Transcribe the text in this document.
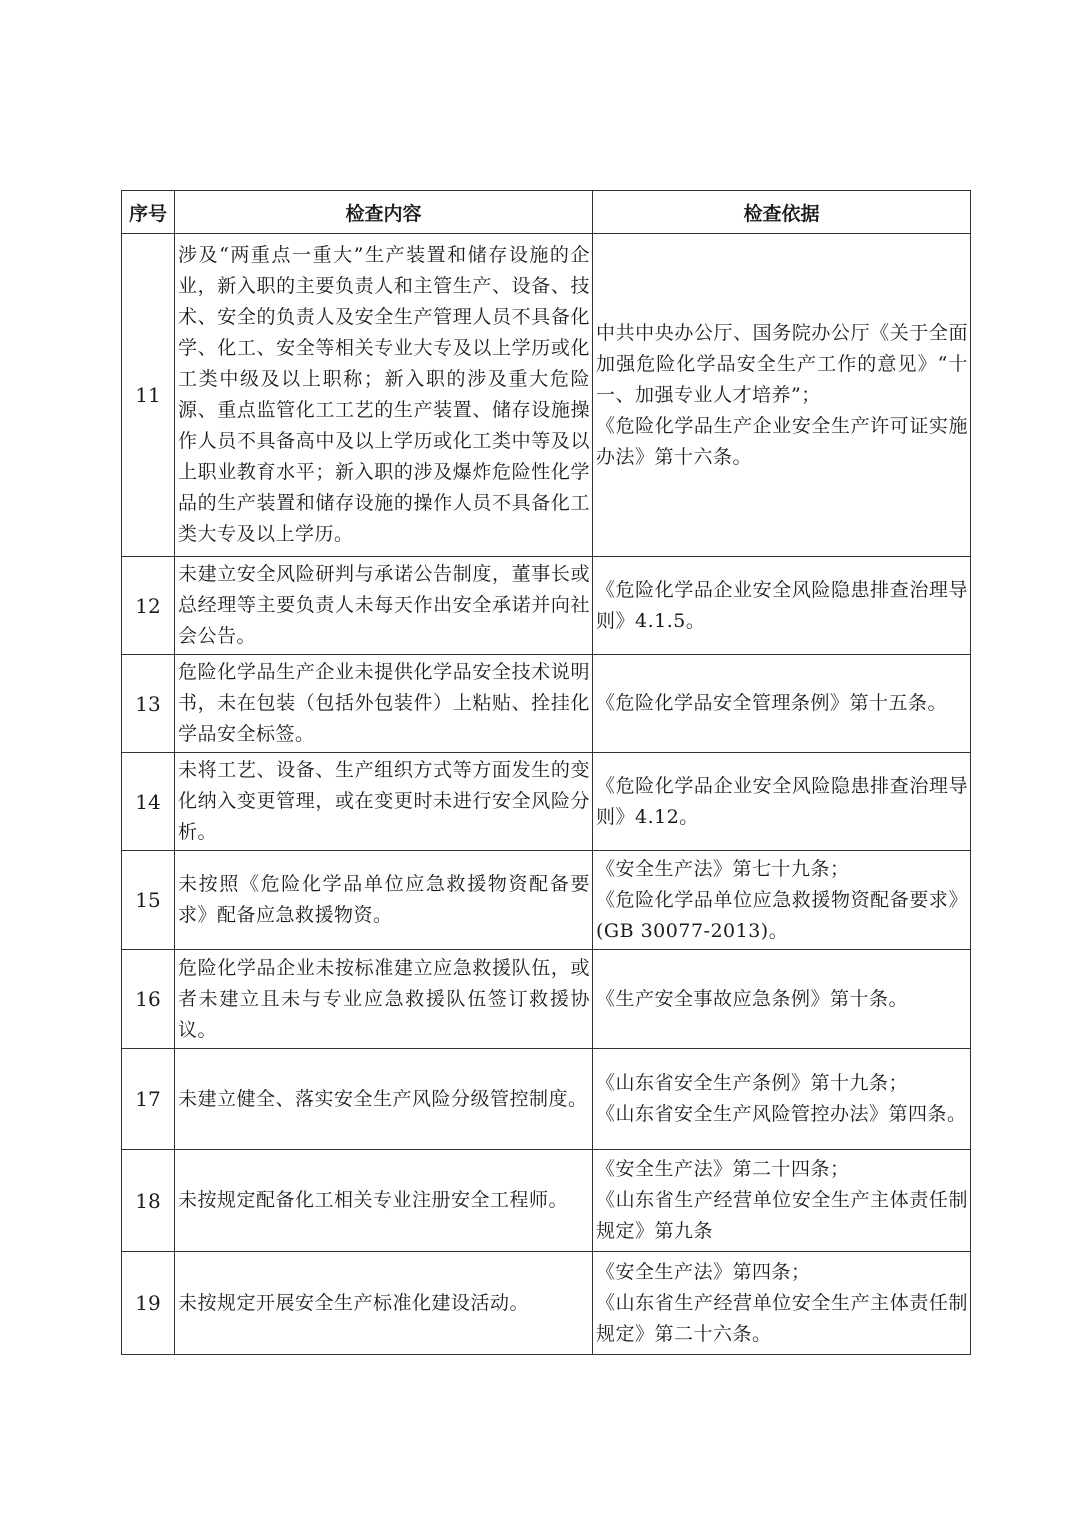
序号	检查内容	检查依据
11	涉及“两重点一重大”生产装置和储存设施的企业，新入职的主要负责人和主管生产、设备、技术、安全的负责人及安全生产管理人员不具备化学、化工、安全等相关专业大专及以上学历或化工类中级及以上职称；新入职的涉及重大危险源、重点监管化工工艺的生产装置、储存设施操作人员不具备高中及以上学历或化工类中等及以上职业教育水平；新入职的涉及爆炸危险性化学品的生产装置和储存设施的操作人员不具备化工类大专及以上学历。	中共中央办公厅、国务院办公厅《关于全面加强危险化学品安全生产工作的意见》“十一、加强专业人才培养”；
《危险化学品生产企业安全生产许可证实施办法》第十六条。
12	未建立安全风险研判与承诺公告制度，董事长或总经理等主要负责人未每天作出安全承诺并向社会公告。	《危险化学品企业安全风险隐患排查治理导则》4.1.5。
13	危险化学品生产企业未提供化学品安全技术说明书，未在包装（包括外包装件）上粘贴、拴挂化学品安全标签。	《危险化学品安全管理条例》第十五条。
14	未将工艺、设备、生产组织方式等方面发生的变化纳入变更管理，或在变更时未进行安全风险分析。	《危险化学品企业安全风险隐患排查治理导则》4.12。
15	未按照《危险化学品单位应急救援物资配备要求》配备应急救援物资。	《安全生产法》第七十九条；
《危险化学品单位应急救援物资配备要求》(GB 30077-2013)。
16	危险化学品企业未按标准建立应急救援队伍，或者未建立且未与专业应急救援队伍签订救援协议。	《生产安全事故应急条例》第十条。
17	未建立健全、落实安全生产风险分级管控制度。	《山东省安全生产条例》第十九条；
《山东省安全生产风险管控办法》第四条。
18	未按规定配备化工相关专业注册安全工程师。	《安全生产法》第二十四条；
《山东省生产经营单位安全生产主体责任制规定》第九条
19	未按规定开展安全生产标准化建设活动。	《安全生产法》第四条；
《山东省生产经营单位安全生产主体责任制规定》第二十六条。
